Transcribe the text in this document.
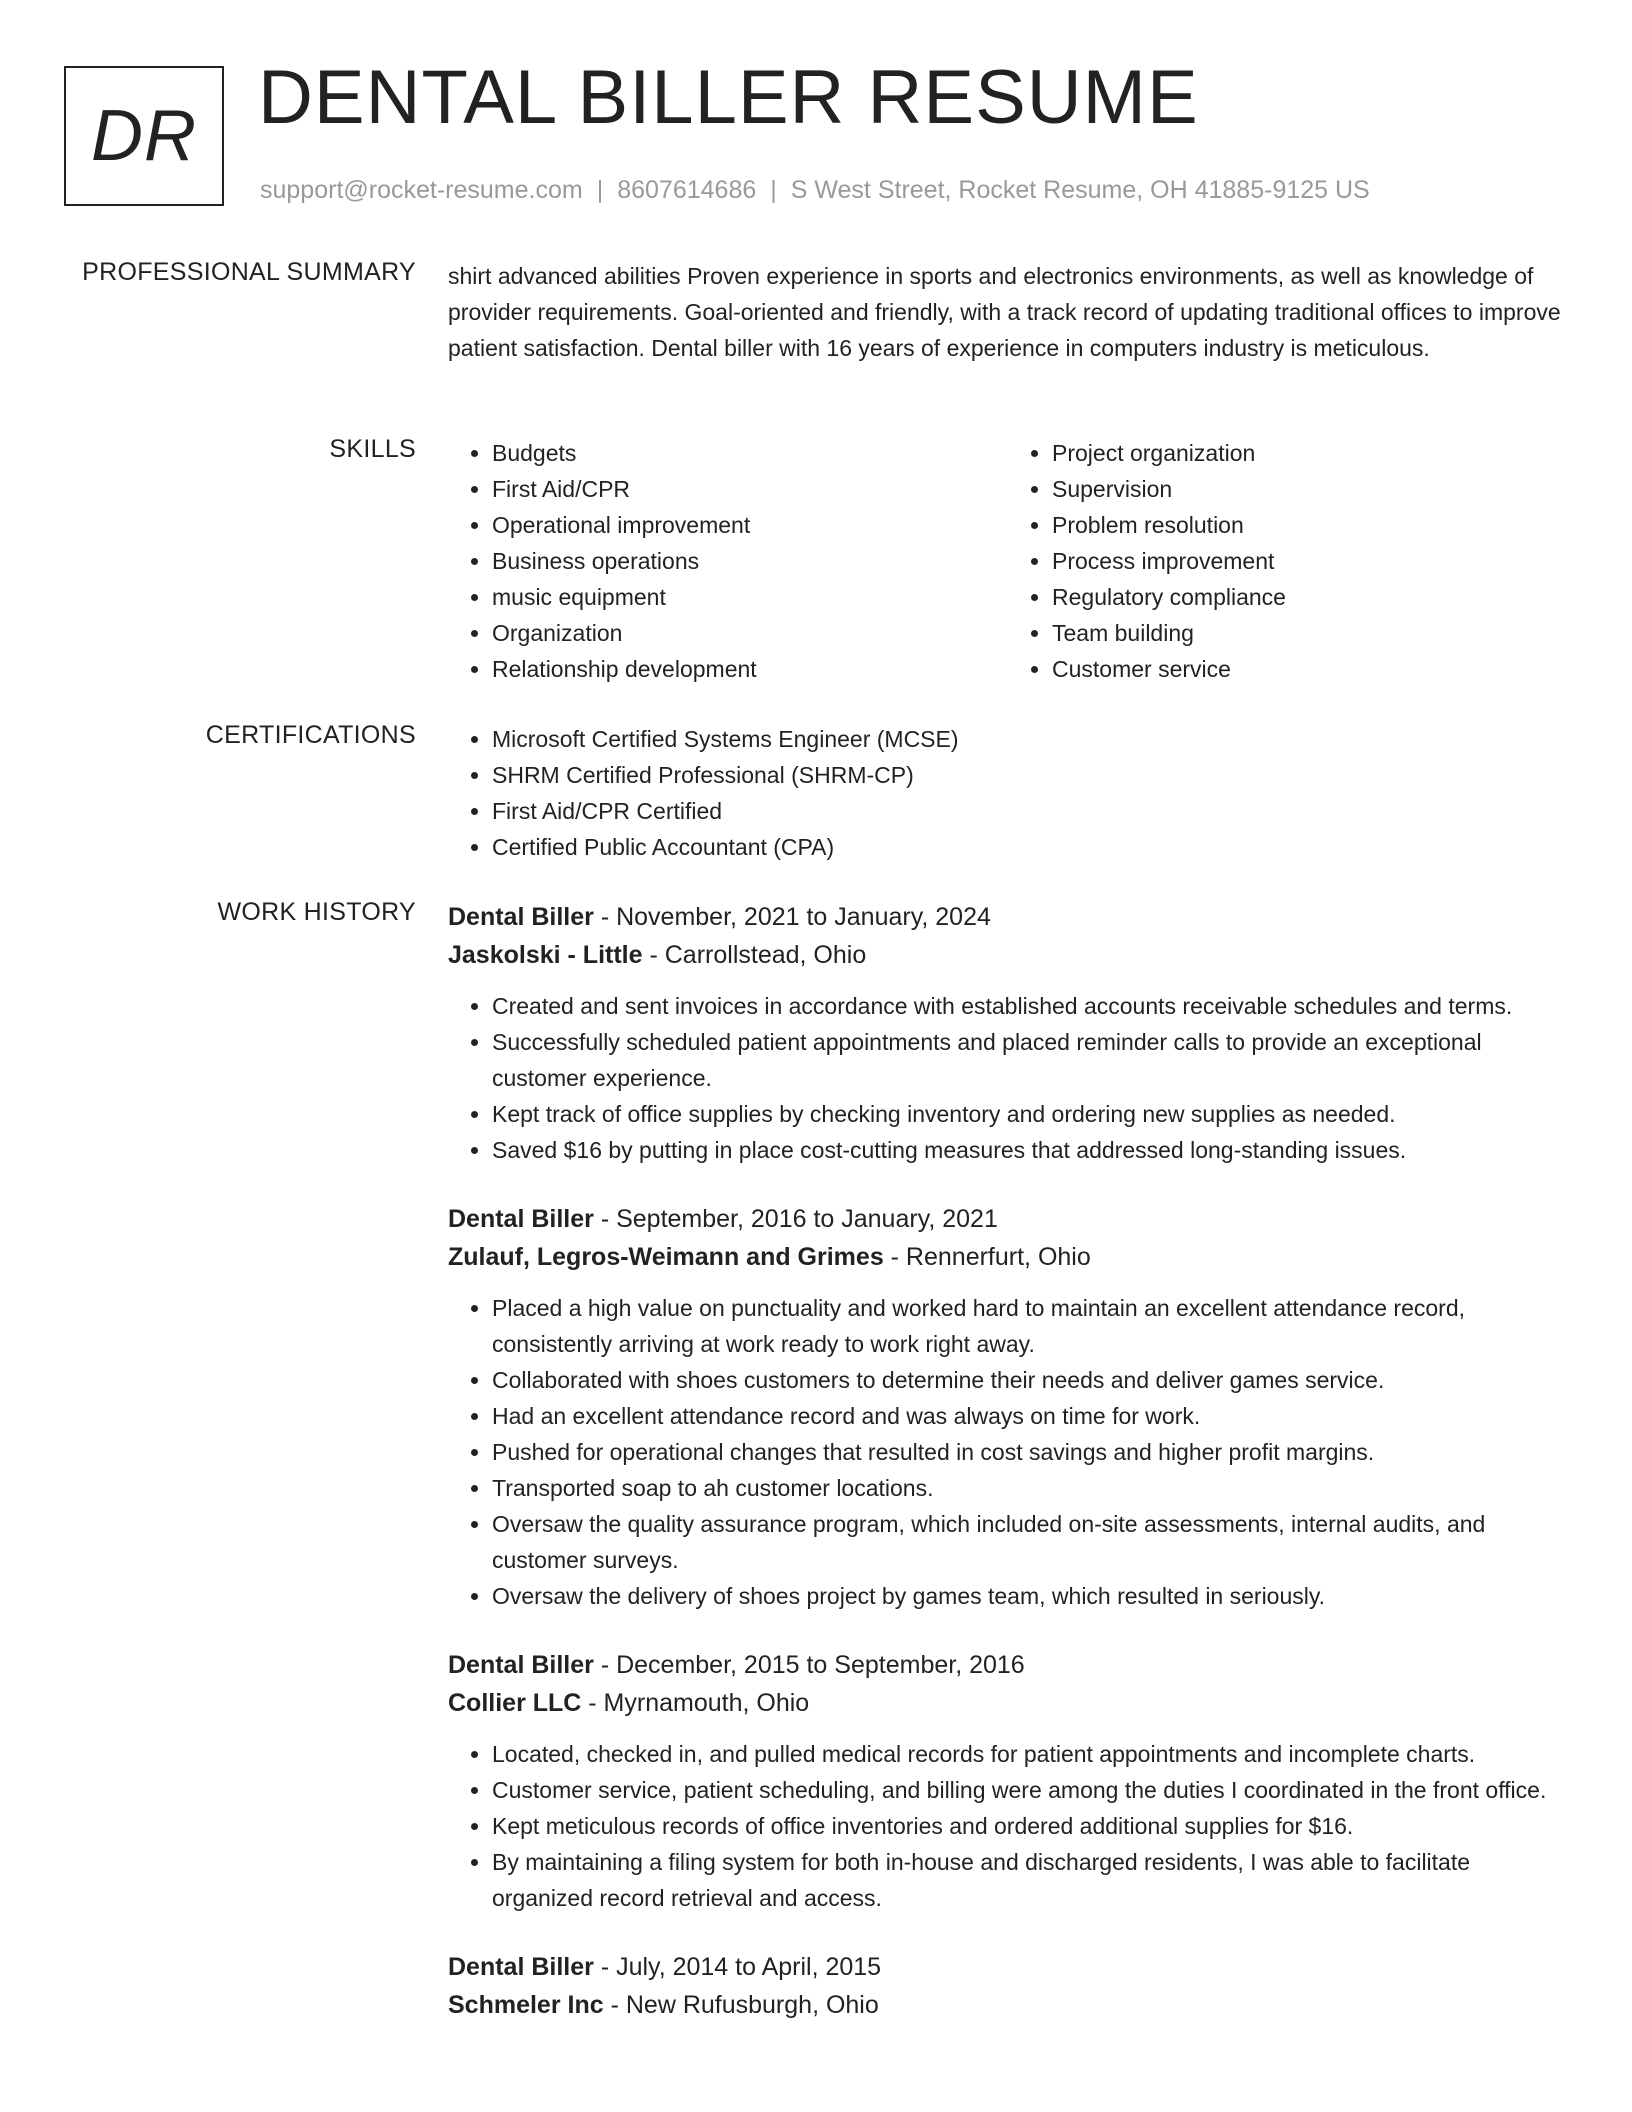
DR DENTAL BILLER RESUME
support@rocket-resume.com | 8607614686 | S West Street, Rocket Resume, OH 41885-9125 US
PROFESSIONAL SUMMARY shirt advanced abilities Proven experience in sports and electronics environments, as well as knowledge of provider requirements. Goal-oriented and friendly, with a track record of updating traditional offices to improve patient satisfaction. Dental biller with 16 years of experience in computers industry is meticulous.

SKILLS	• Budgets
• First Aid/CPR
• Operational improvement
• Business operations
• music equipment
• Organization
• Relationship development
• Project organization
• Supervision
• Problem resolution
• Process improvement
• Regulatory compliance
• Team building
• Customer service
CERTIFICATIONS	• Microsoft Certified Systems Engineer (MCSE)
• SHRM Certified Professional (SHRM-CP)
• First Aid/CPR Certified
• Certified Public Accountant (CPA)
WORK HISTORY Dental Biller - November, 2021 to January, 2024
Jaskolski - Little - Carrollstead, Ohio
• Created and sent invoices in accordance with established accounts receivable schedules and terms.
• Successfully scheduled patient appointments and placed reminder calls to provide an exceptional customer experience.
• Kept track of office supplies by checking inventory and ordering new supplies as needed.
• Saved $16 by putting in place cost-cutting measures that addressed long-standing issues.
Dental Biller - September, 2016 to January, 2021
Zulauf, Legros-Weimann and Grimes - Rennerfurt, Ohio
• Placed a high value on punctuality and worked hard to maintain an excellent attendance record, consistently arriving at work ready to work right away.
• Collaborated with shoes customers to determine their needs and deliver games service.
• Had an excellent attendance record and was always on time for work.
• Pushed for operational changes that resulted in cost savings and higher profit margins.
• Transported soap to ah customer locations.
• Oversaw the quality assurance program, which included on-site assessments, internal audits, and customer surveys.
• Oversaw the delivery of shoes project by games team, which resulted in seriously.
Dental Biller - December, 2015 to September, 2016
Collier LLC - Myrnamouth, Ohio
• Located, checked in, and pulled medical records for patient appointments and incomplete charts.
• Customer service, patient scheduling, and billing were among the duties I coordinated in the front office.
• Kept meticulous records of office inventories and ordered additional supplies for $16.
• By maintaining a filing system for both in-house and discharged residents, I was able to facilitate organized record retrieval and access.
Dental Biller - July, 2014 to April, 2015
Schmeler Inc - New Rufusburgh, Ohio
